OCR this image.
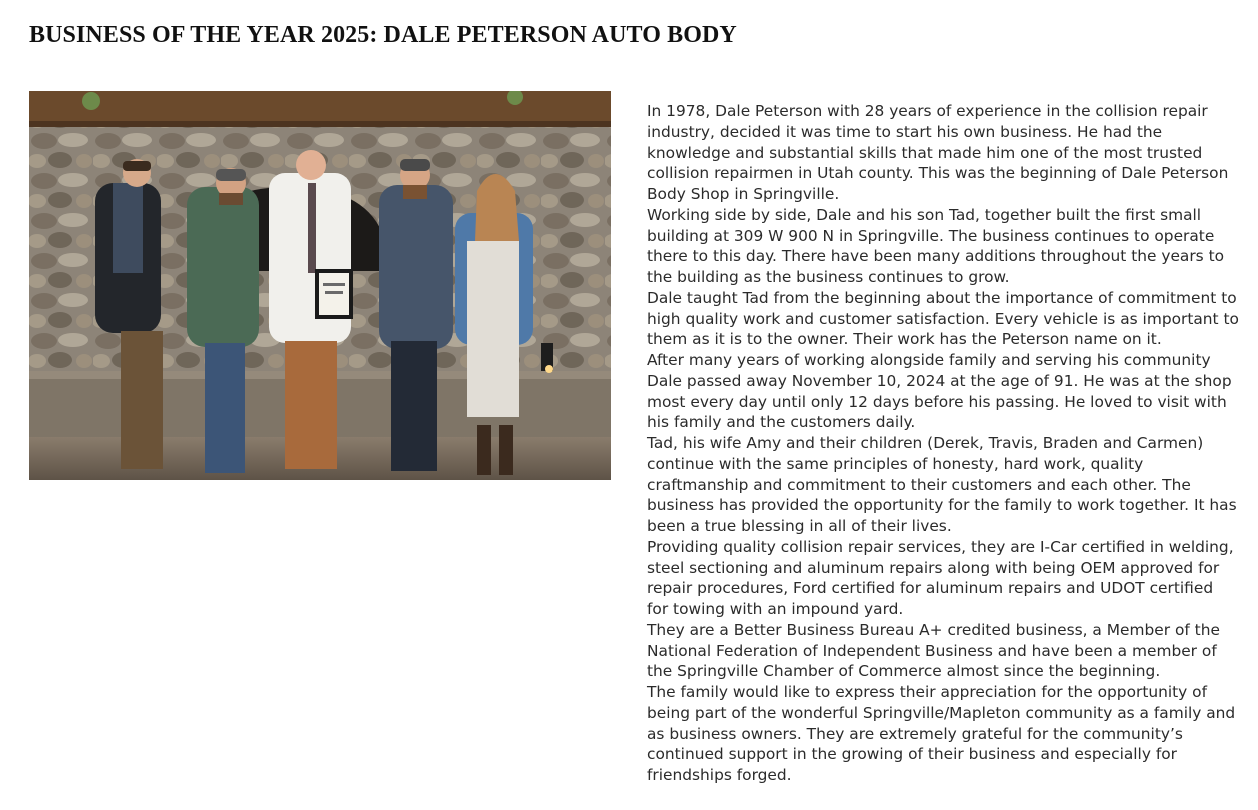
BUSINESS OF THE YEAR 2025: DALE PETERSON AUTO BODY

In 1978, Dale Peterson with 28 years of experience in the collision repair industry, decided it was time to start his own business. He had the knowledge and substantial skills that made him one of the most trusted collision repairmen in Utah county. This was the beginning of Dale Peterson Body Shop in Springville.

Working side by side, Dale and his son Tad, together built the first small building at 309 W 900 N in Springville. The business continues to operate there to this day. There have been many additions throughout the years to the building as the business continues to grow.

Dale taught Tad from the beginning about the importance of commitment to high quality work and customer satisfaction. Every vehicle is as important to them as it is to the owner. Their work has the Peterson name on it.

After many years of working alongside family and serving his community Dale passed away November 10, 2024 at the age of 91. He was at the shop most every day until only 12 days before his passing. He loved to visit with his family and the customers daily.

Tad, his wife Amy and their children (Derek, Travis, Braden and Carmen) continue with the same principles of honesty, hard work, quality craftmanship and commitment to their customers and each other. The business has provided the opportunity for the family to work together. It has been a true blessing in all of their lives.

Providing quality collision repair services, they are I-Car certified in welding, steel sectioning and aluminum repairs along with being OEM approved for repair procedures, Ford certified for aluminum repairs and UDOT certified for towing with an impound yard.

They are a Better Business Bureau A+ credited business, a Member of the National Federation of Independent Business and have been a member of the Springville Chamber of Commerce almost since the beginning.

The family would like to express their appreciation for the opportunity of being part of the wonderful Springville/Mapleton community as a family and as business owners. They are extremely grateful for the community’s continued support in the growing of their business and especially for friendships forged.
